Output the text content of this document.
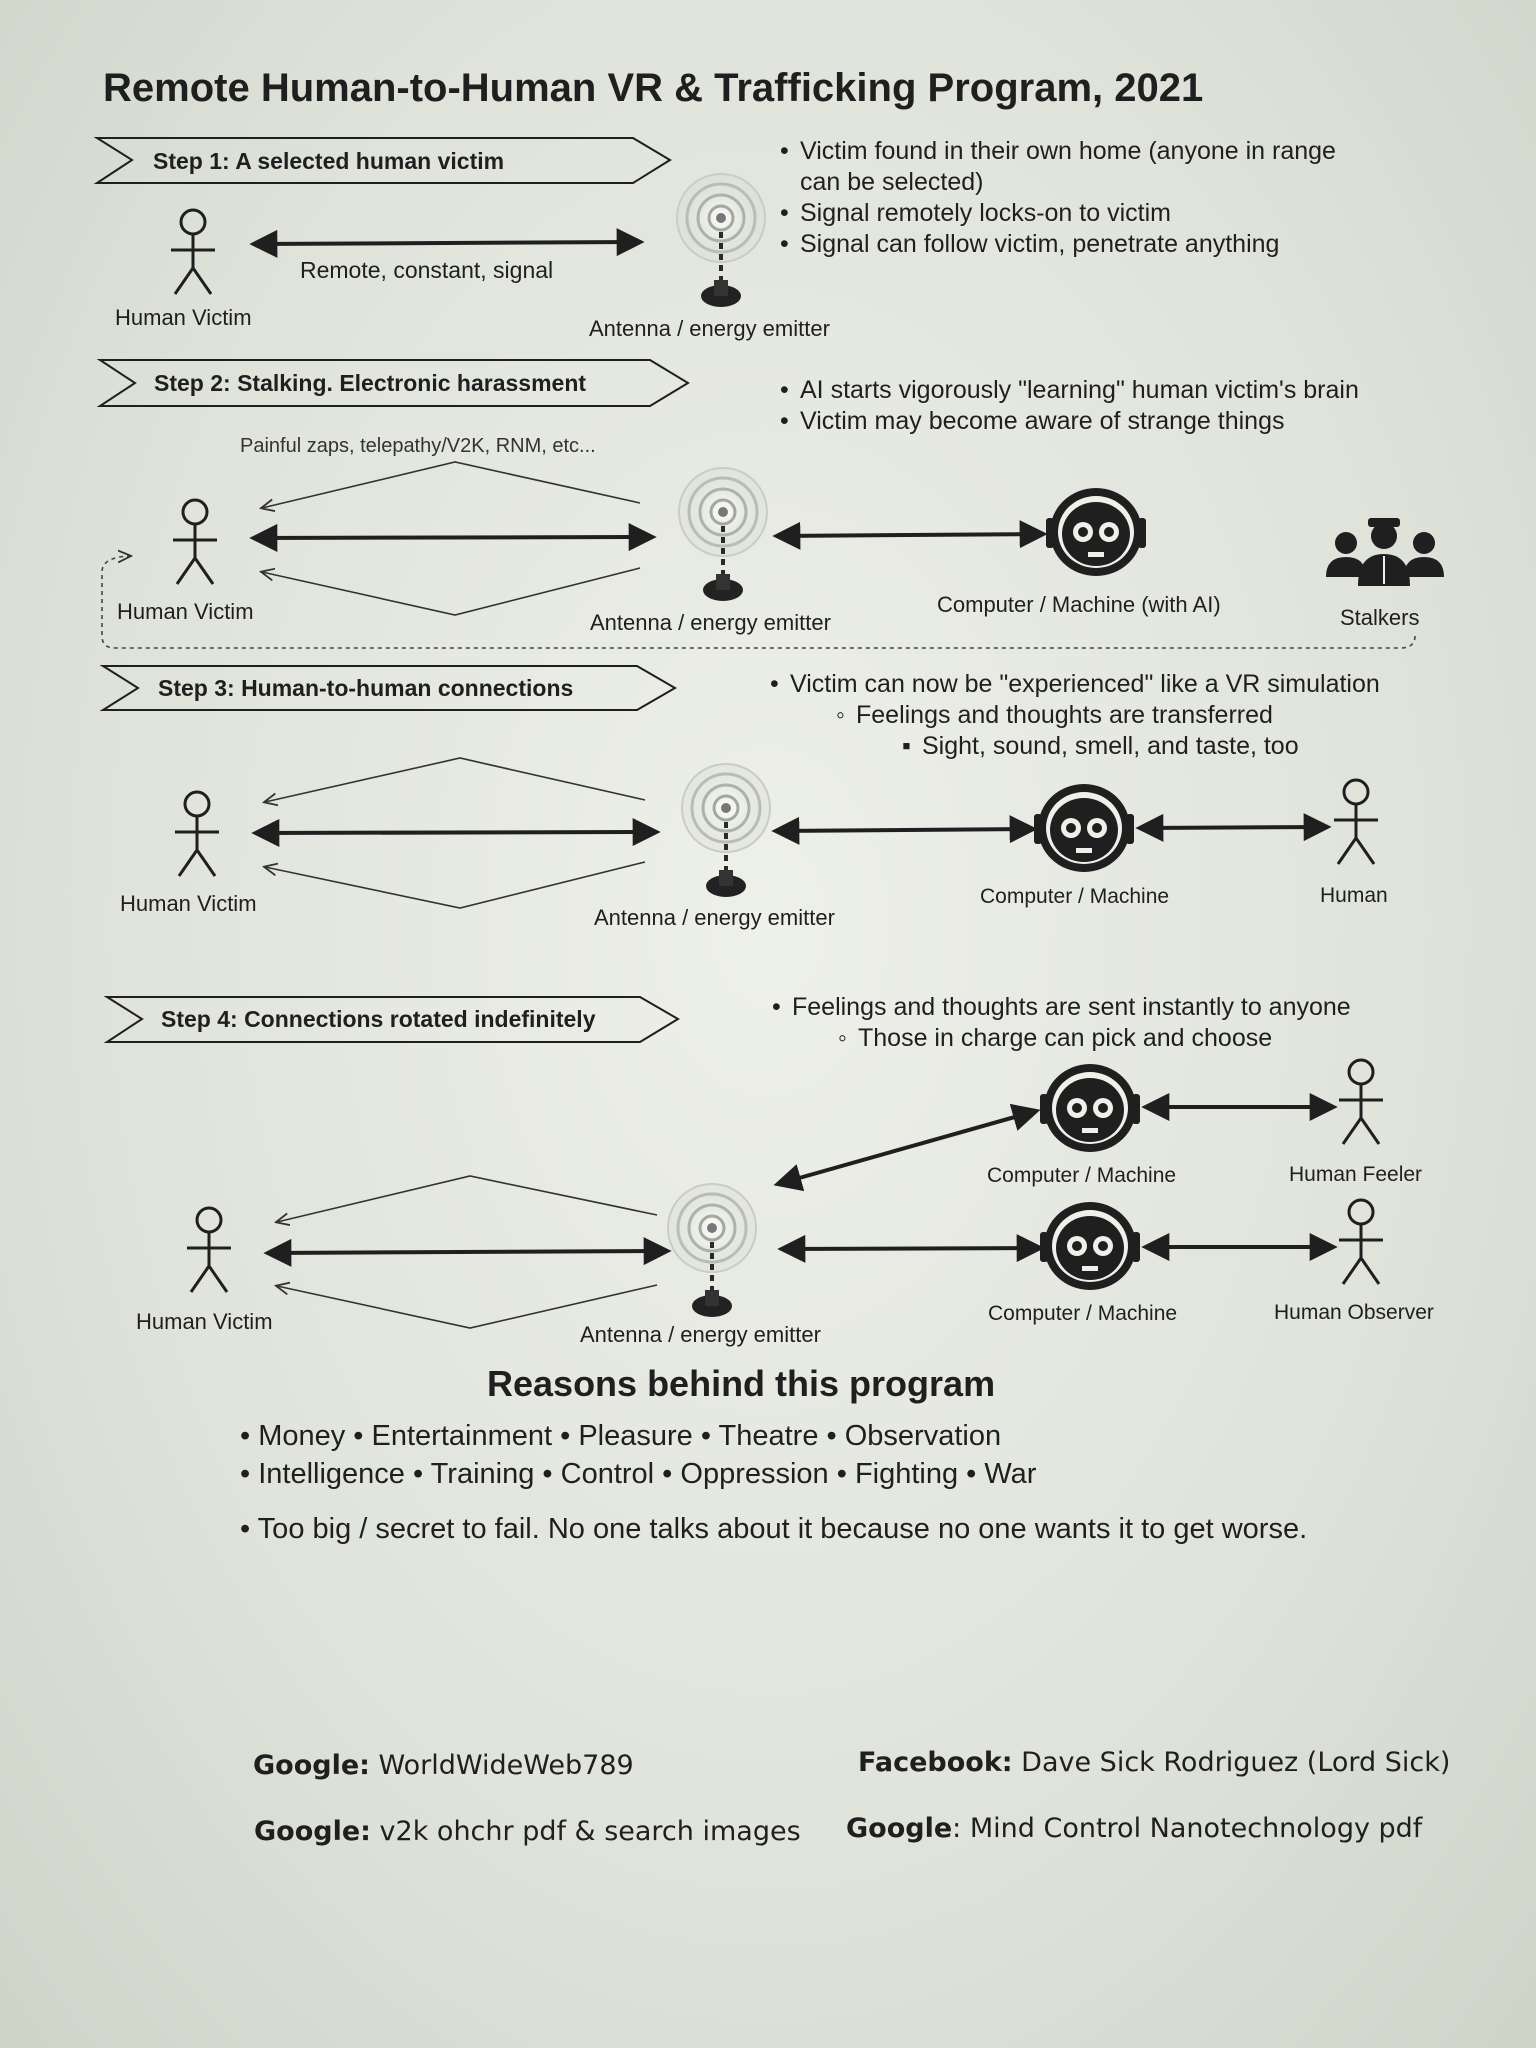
Remote Human-to-Human VR & Trafficking Program, 2021
Step 1: A selected human victim	• Victim found in their own home (anyone in range
can be selected)
• Signal remotely locks-on to victim
• Signal can follow victim, penetrate anything
Human Victim
Remote, constant, signal
Antenna / energy emitter
Step 2: Stalking. Electronic harassment	• AI starts vigorously "learning" human victim's brain
• Victim may become aware of strange things
Painful zaps, telepathy/V2K, RNM, etc...
Human Victim	Antenna / energy emitter
Computer / Machine (with AI)
Stalkers
Step 3: Human-to-human connections	• Victim can now be "experienced" like a VR simulation
◦ Feelings and thoughts are transferred
▪ Sight, sound, smell, and taste, too
Human Victim
Antenna / energy emitter
Computer / Machine	Human
Step 4: Connections rotated indefinitely	• Feelings and thoughts are sent instantly to anyone
◦ Those in charge can pick and choose
Human Victim
Antenna / energy emitter
Computer / Machine	Human Feeler
Computer / Machine	Human Observer
Reasons behind this program
• Money • Entertainment • Pleasure • Theatre • Observation
• Intelligence • Training • Control • Oppression • Fighting • War
• Too big / secret to fail. No one talks about it because no one wants it to get worse.
Google: WorldWideWeb789	Facebook: Dave Sick Rodriguez (Lord Sick)
Google: v2k ohchr pdf & search images Google: Mind Control Nanotechnology pdf
